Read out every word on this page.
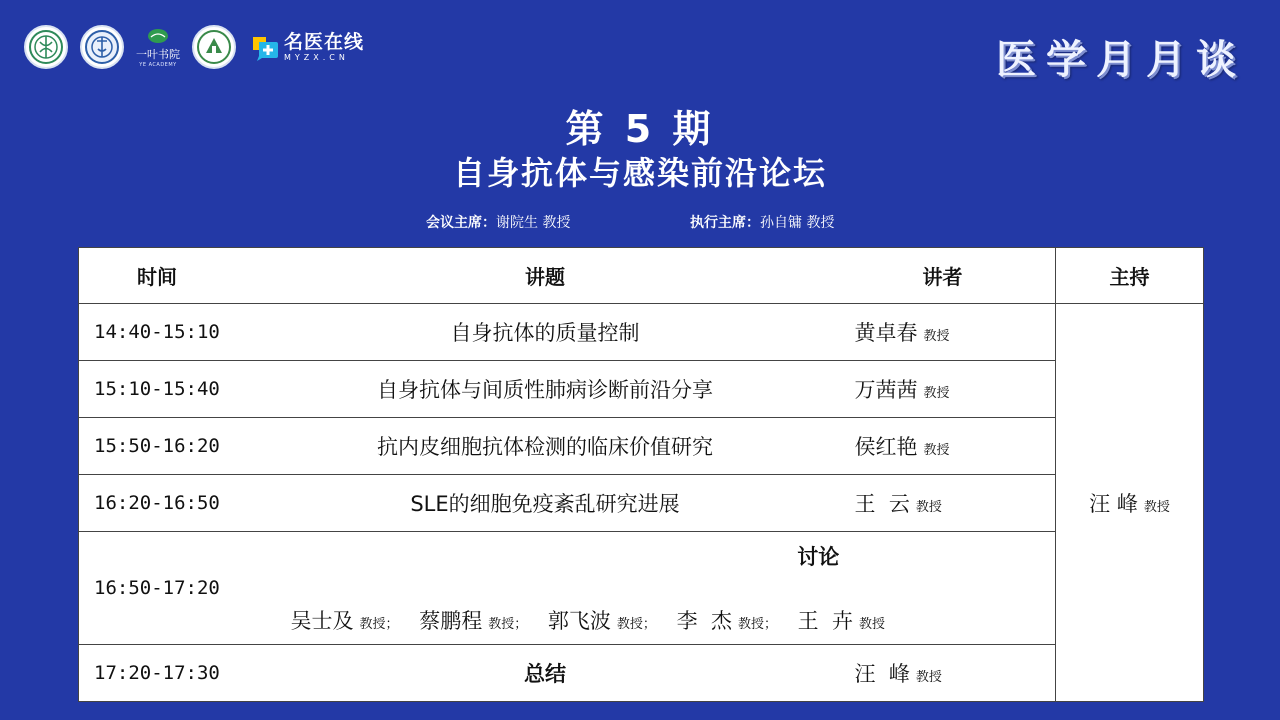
一叶书院
YE ACADEMY
名医在线
MYZX.CN	医学月月谈
第 5 期
自身抗体与感染前沿论坛
会议主席：谢院生 教授	执行主席：孙自镛 教授
时间	讲题	讲者	主持
14:40-15:10	自身抗体的质量控制	黄卓春 教授	汪 峰 教授
15:10-15:40	自身抗体与间质性肺病诊断前沿分享	万茜茜 教授	
15:50-16:20	抗内皮细胞抗体检测的临床价值研究	侯红艳 教授	
16:20-16:50	SLE的细胞免疫紊乱研究进展	王  云 教授	
16:50-17:20	讨论
吴士及 教授； 蔡鹏程 教授； 郭飞波 教授； 李  杰 教授； 王  卉 教授		

17:20-17:30	总结	汪  峰 教授	
